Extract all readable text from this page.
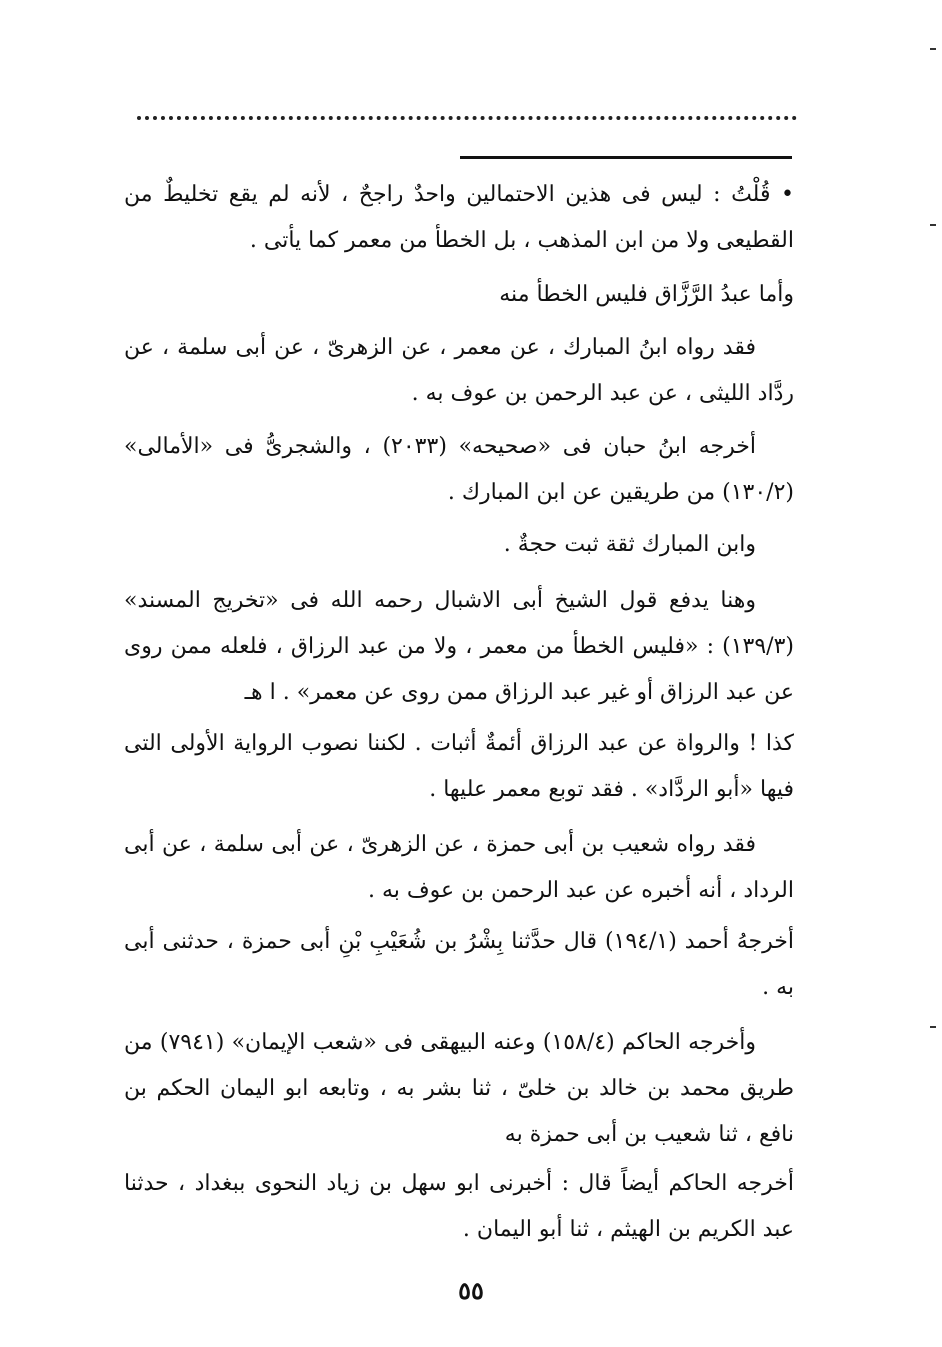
• قُلْتُ : ليس فى هذين الاحتمالين واحدٌ راجحٌ ، لأنه لم يقع تخليطٌ من القطيعى ولا من ابن المذهب ، بل الخطأ من معمر كما يأتى .
وأما عبدُ الرَّزَّاق فليس الخطأ منه
فقد رواه ابنُ المبارك ، عن معمر ، عن الزهرىّ ، عن أبى سلمة ، عن ردَّاد الليثى ، عن عبد الرحمن بن عوف به .
أخرجه ابنُ حبان فى «صحيحه» (٢٠٣٣) ، والشجرىُّ فى «الأمالى» (١٣٠/٢) من طريقين عن ابن المبارك .
وابن المبارك ثقة ثبت حجةٌ .
وهنا يدفع قول الشيخ أبى الاشبال رحمه الله فى «تخريج المسند» (١٣٩/٣) : «فليس الخطأ من معمر ، ولا من عبد الرزاق ، فلعله ممن روى عن عبد الرزاق أو غير عبد الرزاق ممن روى عن معمر» . ا هـ
كذا ! والرواة عن عبد الرزاق أئمةٌ أثبات . لكننا نصوب الرواية الأولى التى فيها «أبو الردَّاد» . فقد توبع معمر عليها .
فقد رواه شعيب بن أبى حمزة ، عن الزهرىّ ، عن أبى سلمة ، عن أبى الرداد ، أنه أخبره عن عبد الرحمن بن عوف به .
أخرجهُ أحمد (١٩٤/١) قال حدَّثنا بِشْرُ بن شُعَيْبِ بْنِ أبى حمزة ، حدثنى أبى به .
وأخرجه الحاكم (١٥٨/٤) وعنه البيهقى فى «شعب الإيمان» (٧٩٤١) من طريق محمد بن خالد بن خلىّ ، ثنا بشر به ، وتابعه ابو اليمان الحكم بن نافع ، ثنا شعيب بن أبى حمزة به
أخرجه الحاكم أيضاً قال : أخبرنى ابو سهل بن زياد النحوى ببغداد ، حدثنا عبد الكريم بن الهيثم ، ثنا أبو اليمان .
٥٥
